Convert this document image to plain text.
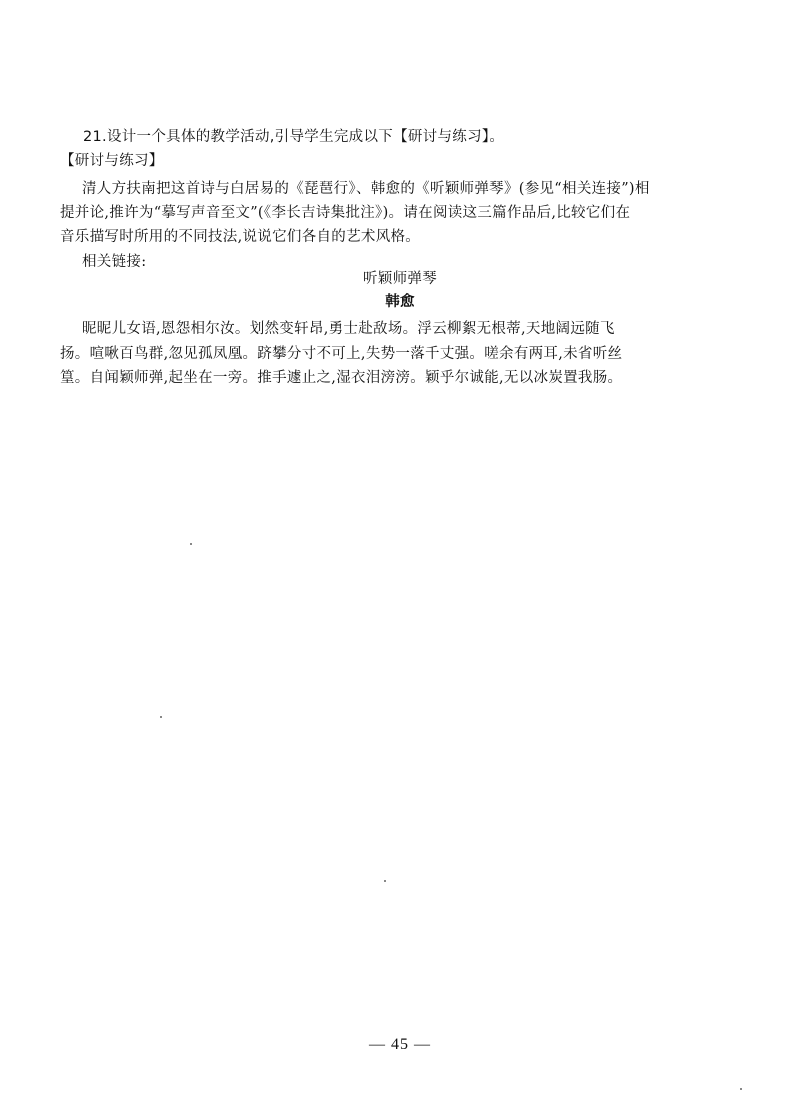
21.设计一个具体的教学活动,引导学生完成以下【研讨与练习】。
【研讨与练习】
清人方扶南把这首诗与白居易的《琵琶行》、韩愈的《听颖师弹琴》(参见“相关连接”)相
提并论,推许为“摹写声音至文”(《李长吉诗集批注》)。请在阅读这三篇作品后,比较它们在
音乐描写时所用的不同技法,说说它们各自的艺术风格。
相关链接:
听颖师弹琴
韩愈
昵昵儿女语,恩怨相尔汝。划然变轩昂,勇士赴敌场。浮云柳絮无根蒂,天地阔远随飞
扬。喧啾百鸟群,忽见孤凤凰。跻攀分寸不可上,失势一落千丈强。嗟余有两耳,未省听丝
篁。自闻颖师弹,起坐在一旁。推手遽止之,湿衣泪滂滂。颖乎尔诚能,无以冰炭置我肠。
— 45 —
